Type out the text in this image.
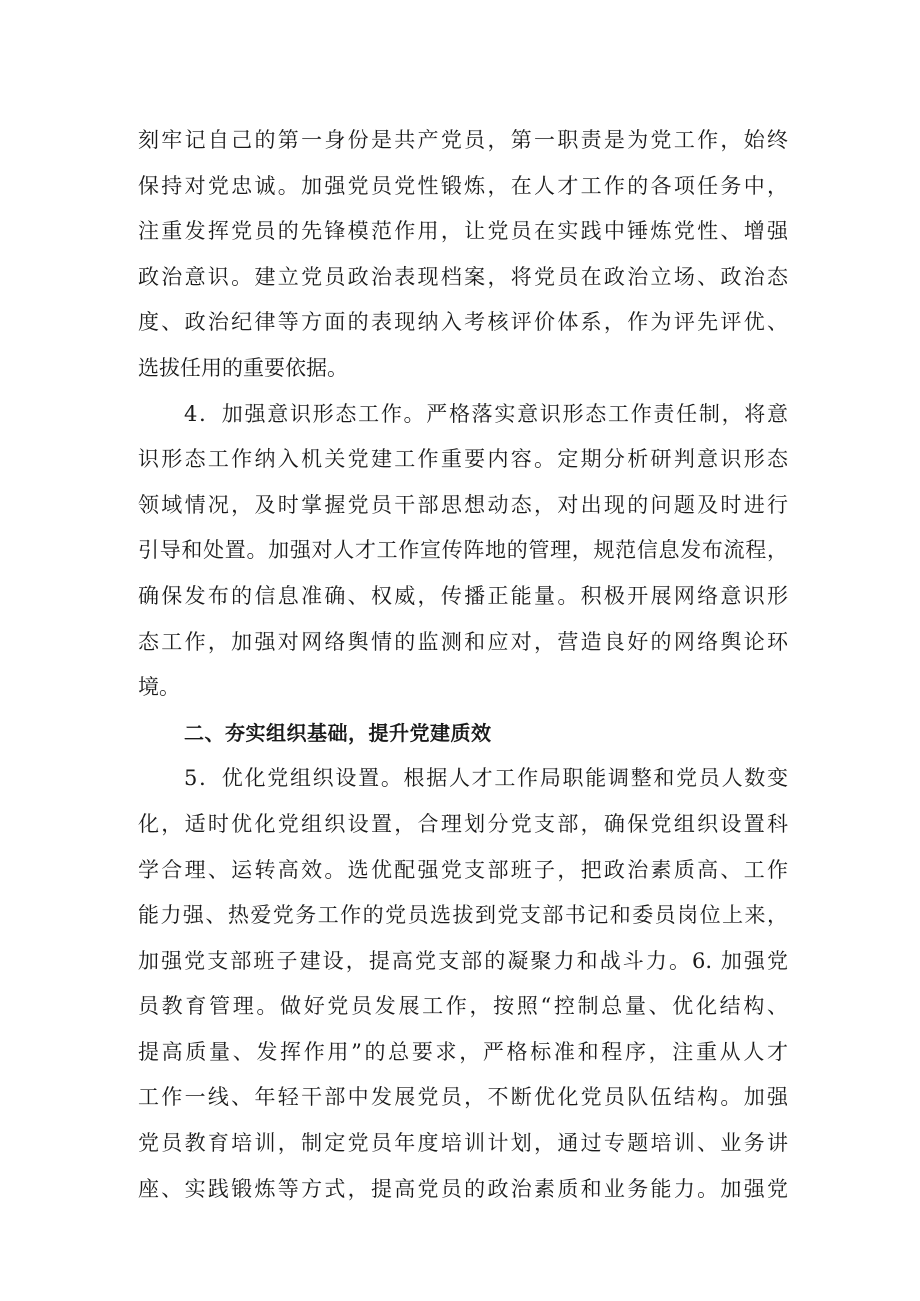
刻牢记自己的第一身份是共产党员，第一职责是为党工作，始终
保持对党忠诚。加强党员党性锻炼，在人才工作的各项任务中，
注重发挥党员的先锋模范作用，让党员在实践中锤炼党性、增强
政治意识。建立党员政治表现档案，将党员在政治立场、政治态
度、政治纪律等方面的表现纳入考核评价体系，作为评先评优、
选拔任用的重要依据。
4．加强意识形态工作。严格落实意识形态工作责任制，将意
识形态工作纳入机关党建工作重要内容。定期分析研判意识形态
领域情况，及时掌握党员干部思想动态，对出现的问题及时进行
引导和处置。加强对人才工作宣传阵地的管理，规范信息发布流程，
确保发布的信息准确、权威，传播正能量。积极开展网络意识形
态工作，加强对网络舆情的监测和应对，营造良好的网络舆论环
境。
二、夯实组织基础，提升党建质效
5．优化党组织设置。根据人才工作局职能调整和党员人数变
化，适时优化党组织设置，合理划分党支部，确保党组织设置科
学合理、运转高效。选优配强党支部班子，把政治素质高、工作
能力强、热爱党务工作的党员选拔到党支部书记和委员岗位上来，
加强党支部班子建设，提高党支部的凝聚力和战斗力。6. 加强党
员教育管理。做好党员发展工作，按照“控制总量、优化结构、
提高质量、发挥作用”的总要求，严格标准和程序，注重从人才
工作一线、年轻干部中发展党员，不断优化党员队伍结构。加强
党员教育培训，制定党员年度培训计划，通过专题培训、业务讲
座、实践锻炼等方式，提高党员的政治素质和业务能力。加强党
